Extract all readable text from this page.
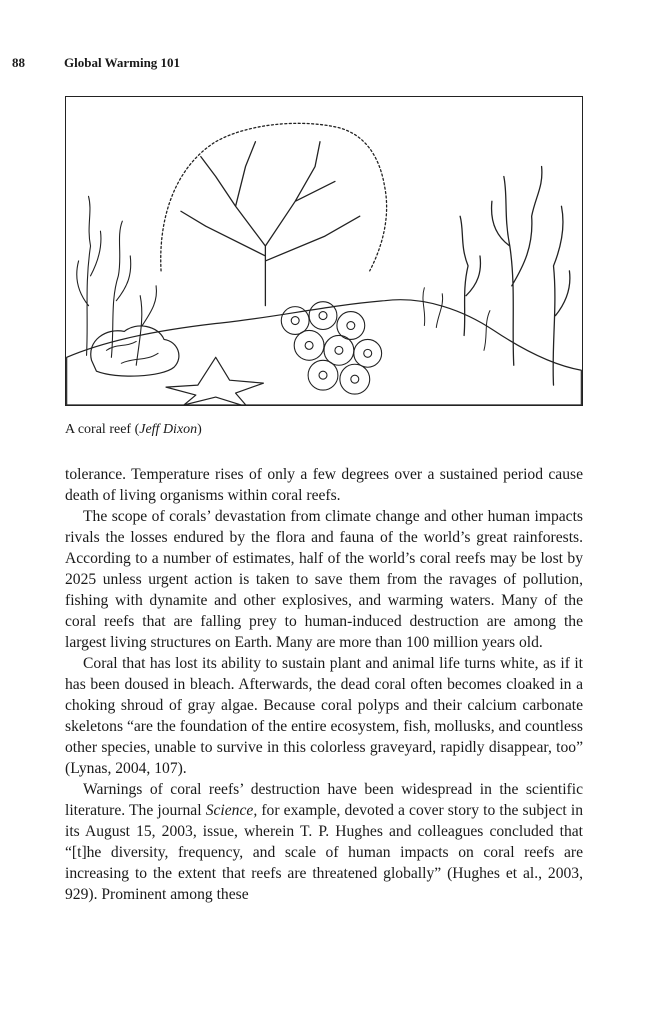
88	Global Warming 101
A coral reef (Jeff Dixon)

tolerance. Temperature rises of only a few degrees over a sustained period cause death of living organisms within coral reefs.

The scope of corals’ devastation from climate change and other human impacts rivals the losses endured by the flora and fauna of the world’s great rainforests. According to a number of estimates, half of the world’s coral reefs may be lost by 2025 unless urgent action is taken to save them from the ravages of pollution, fishing with dynamite and other explosives, and warming waters. Many of the coral reefs that are falling prey to human-induced destruction are among the largest living structures on Earth. Many are more than 100 million years old.

Coral that has lost its ability to sustain plant and animal life turns white, as if it has been doused in bleach. Afterwards, the dead coral often becomes cloaked in a choking shroud of gray algae. Because coral polyps and their calcium carbonate skeletons “are the foundation of the entire ecosystem, fish, mollusks, and countless other species, unable to survive in this colorless graveyard, rapidly disappear, too” (Lynas, 2004, 107).

Warnings of coral reefs’ destruction have been widespread in the scientific literature. The journal Science, for example, devoted a cover story to the subject in its August 15, 2003, issue, wherein T. P. Hughes and colleagues concluded that “[t]he diversity, frequency, and scale of human impacts on coral reefs are increasing to the extent that reefs are threatened globally” (Hughes et al., 2003, 929). Prominent among these
